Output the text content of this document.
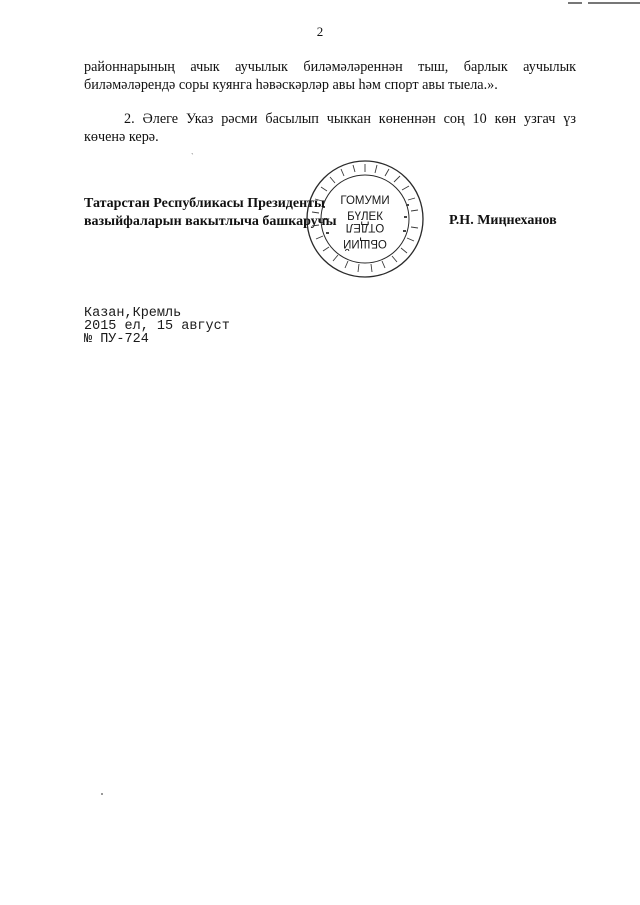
2
районнарының ачык аучылык биләмәләреннән тыш, барлык аучылык
биләмәләрендә соры куянга һәвәскәрләр авы һәм спорт авы тыела.».
2. Әлеге Указ рәсми басылып чыккан көненнән соң 10 көн узгач үз
көченә керә.
ˋ
ГОМУМИ
БҮЛЕК
ОТДЕЛ
ОБЩИЙ
Татарстан Республикасы Президенты
вазыйфаларын вакытлыча башкаручы	Р.Н. Миңнеханов
Казан,Кремль
2015 ел, 15 август
№ ПУ-724
